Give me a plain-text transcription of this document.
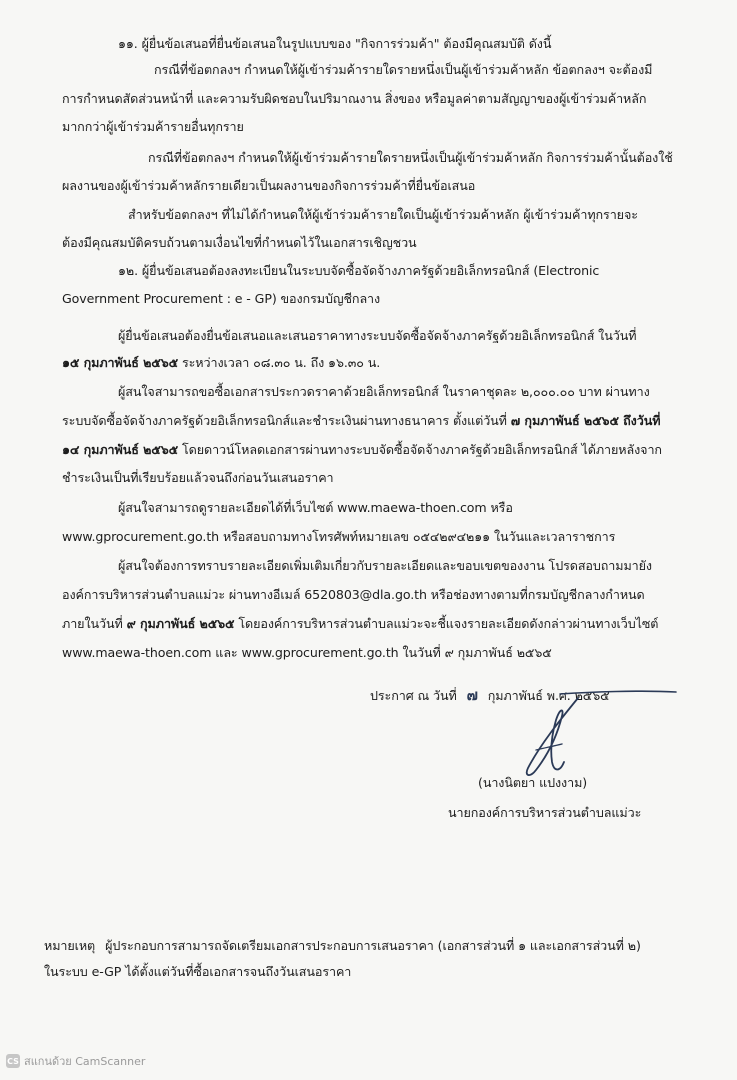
๑๑. ผู้ยื่นข้อเสนอที่ยื่นข้อเสนอในรูปแบบของ "กิจการร่วมค้า" ต้องมีคุณสมบัติ ดังนี้
กรณีที่ข้อตกลงฯ กำหนดให้ผู้เข้าร่วมค้ารายใดรายหนึ่งเป็นผู้เข้าร่วมค้าหลัก ข้อตกลงฯ จะต้องมี
การกำหนดสัดส่วนหน้าที่ และความรับผิดชอบในปริมาณงาน สิ่งของ หรือมูลค่าตามสัญญาของผู้เข้าร่วมค้าหลัก
มากกว่าผู้เข้าร่วมค้ารายอื่นทุกราย
กรณีที่ข้อตกลงฯ กำหนดให้ผู้เข้าร่วมค้ารายใดรายหนึ่งเป็นผู้เข้าร่วมค้าหลัก กิจการร่วมค้านั้นต้องใช้
ผลงานของผู้เข้าร่วมค้าหลักรายเดียวเป็นผลงานของกิจการร่วมค้าที่ยื่นข้อเสนอ
สำหรับข้อตกลงฯ ที่ไม่ได้กำหนดให้ผู้เข้าร่วมค้ารายใดเป็นผู้เข้าร่วมค้าหลัก ผู้เข้าร่วมค้าทุกรายจะ
ต้องมีคุณสมบัติครบถ้วนตามเงื่อนไขที่กำหนดไว้ในเอกสารเชิญชวน
๑๒. ผู้ยื่นข้อเสนอต้องลงทะเบียนในระบบจัดซื้อจัดจ้างภาครัฐด้วยอิเล็กทรอนิกส์ (Electronic
Government Procurement : e - GP) ของกรมบัญชีกลาง
ผู้ยื่นข้อเสนอต้องยื่นข้อเสนอและเสนอราคาทางระบบจัดซื้อจัดจ้างภาครัฐด้วยอิเล็กทรอนิกส์ ในวันที่
๑๕ กุมภาพันธ์ ๒๕๖๕ ระหว่างเวลา ๐๘.๓๐ น. ถึง ๑๖.๓๐ น.
ผู้สนใจสามารถขอซื้อเอกสารประกวดราคาด้วยอิเล็กทรอนิกส์ ในราคาชุดละ ๒,๐๐๐.๐๐ บาท ผ่านทาง
ระบบจัดซื้อจัดจ้างภาครัฐด้วยอิเล็กทรอนิกส์และชำระเงินผ่านทางธนาคาร ตั้งแต่วันที่ ๗ กุมภาพันธ์ ๒๕๖๕ ถึงวันที่
๑๔ กุมภาพันธ์ ๒๕๖๕ โดยดาวน์โหลดเอกสารผ่านทางระบบจัดซื้อจัดจ้างภาครัฐด้วยอิเล็กทรอนิกส์ ได้ภายหลังจาก
ชำระเงินเป็นที่เรียบร้อยแล้วจนถึงก่อนวันเสนอราคา
ผู้สนใจสามารถดูรายละเอียดได้ที่เว็บไซต์ www.maewa-thoen.com หรือ
www.gprocurement.go.th หรือสอบถามทางโทรศัพท์หมายเลข ๐๕๔๒๙๔๒๑๑ ในวันและเวลาราชการ
ผู้สนใจต้องการทราบรายละเอียดเพิ่มเติมเกี่ยวกับรายละเอียดและขอบเขตของงาน โปรดสอบถามมายัง
องค์การบริหารส่วนตำบลแม่วะ ผ่านทางอีเมล์ 6520803@dla.go.th หรือช่องทางตามที่กรมบัญชีกลางกำหนด
ภายในวันที่ ๙ กุมภาพันธ์ ๒๕๖๕ โดยองค์การบริหารส่วนตำบลแม่วะจะชี้แจงรายละเอียดดังกล่าวผ่านทางเว็บไซต์
www.maewa-thoen.com และ www.gprocurement.go.th ในวันที่ ๙ กุมภาพันธ์ ๒๕๖๕
ประกาศ ณ วันที่ ๗ กุมภาพันธ์ พ.ศ. ๒๕๖๕
(นางนิตยา แปงงาม)
นายกองค์การบริหารส่วนตำบลแม่วะ
หมายเหตุ ผู้ประกอบการสามารถจัดเตรียมเอกสารประกอบการเสนอราคา (เอกสารส่วนที่ ๑ และเอกสารส่วนที่ ๒)
ในระบบ e-GP ได้ตั้งแต่วันที่ซื้อเอกสารจนถึงวันเสนอราคา
CS สแกนด้วย CamScanner
